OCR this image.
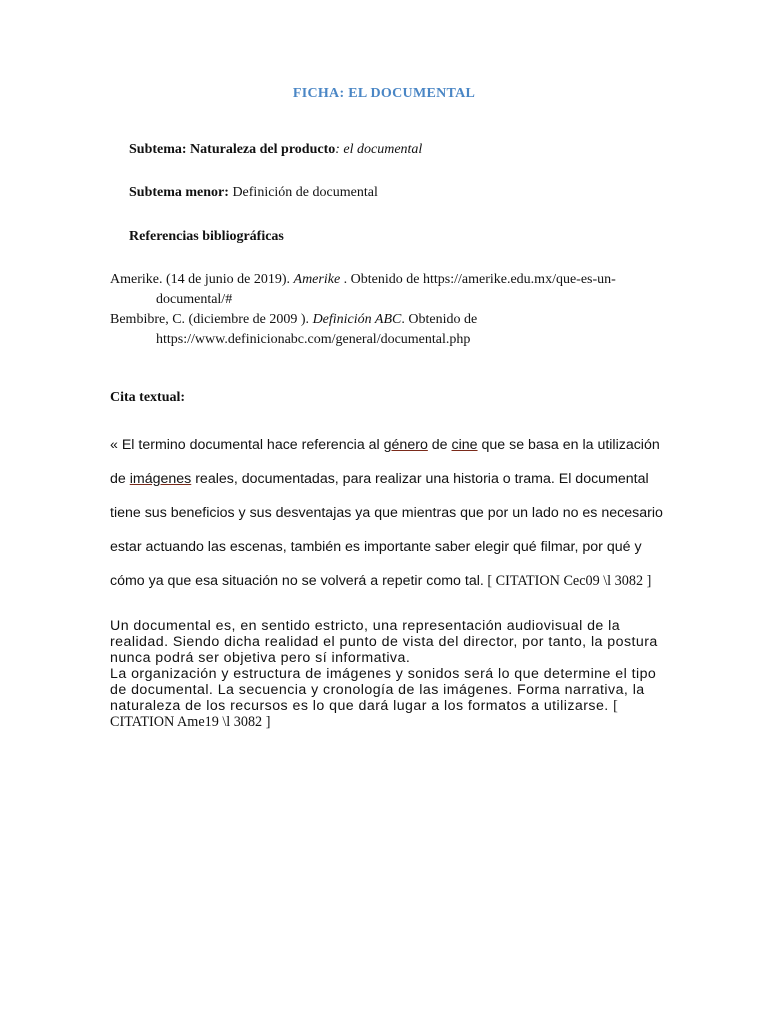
FICHA: EL DOCUMENTAL
Subtema: Naturaleza del producto: el documental
Subtema menor: Definición de documental
Referencias bibliográficas
Amerike. (14 de junio de 2019). Amerike . Obtenido de https://amerike.edu.mx/que-es-un-documental/#
Bembibre, C. (diciembre de 2009 ). Definición ABC. Obtenido de https://www.definicionabc.com/general/documental.php
Cita textual:
« El termino documental hace referencia al género de cine que se basa en la utilización de imágenes reales, documentadas, para realizar una historia o trama. El documental tiene sus beneficios y sus desventajas ya que mientras que por un lado no es necesario estar actuando las escenas, también es importante saber elegir qué filmar, por qué y cómo ya que esa situación no se volverá a repetir como tal. [ CITATION Cec09 \l 3082 ]
Un documental es, en sentido estricto, una representación audiovisual de la realidad. Siendo dicha realidad el punto de vista del director, por tanto, la postura nunca podrá ser objetiva pero sí informativa.
La organización y estructura de imágenes y sonidos será lo que determine el tipo de documental. La secuencia y cronología de las imágenes. Forma narrativa, la naturaleza de los recursos es lo que dará lugar a los formatos a utilizarse. [ CITATION Ame19 \l 3082 ]
